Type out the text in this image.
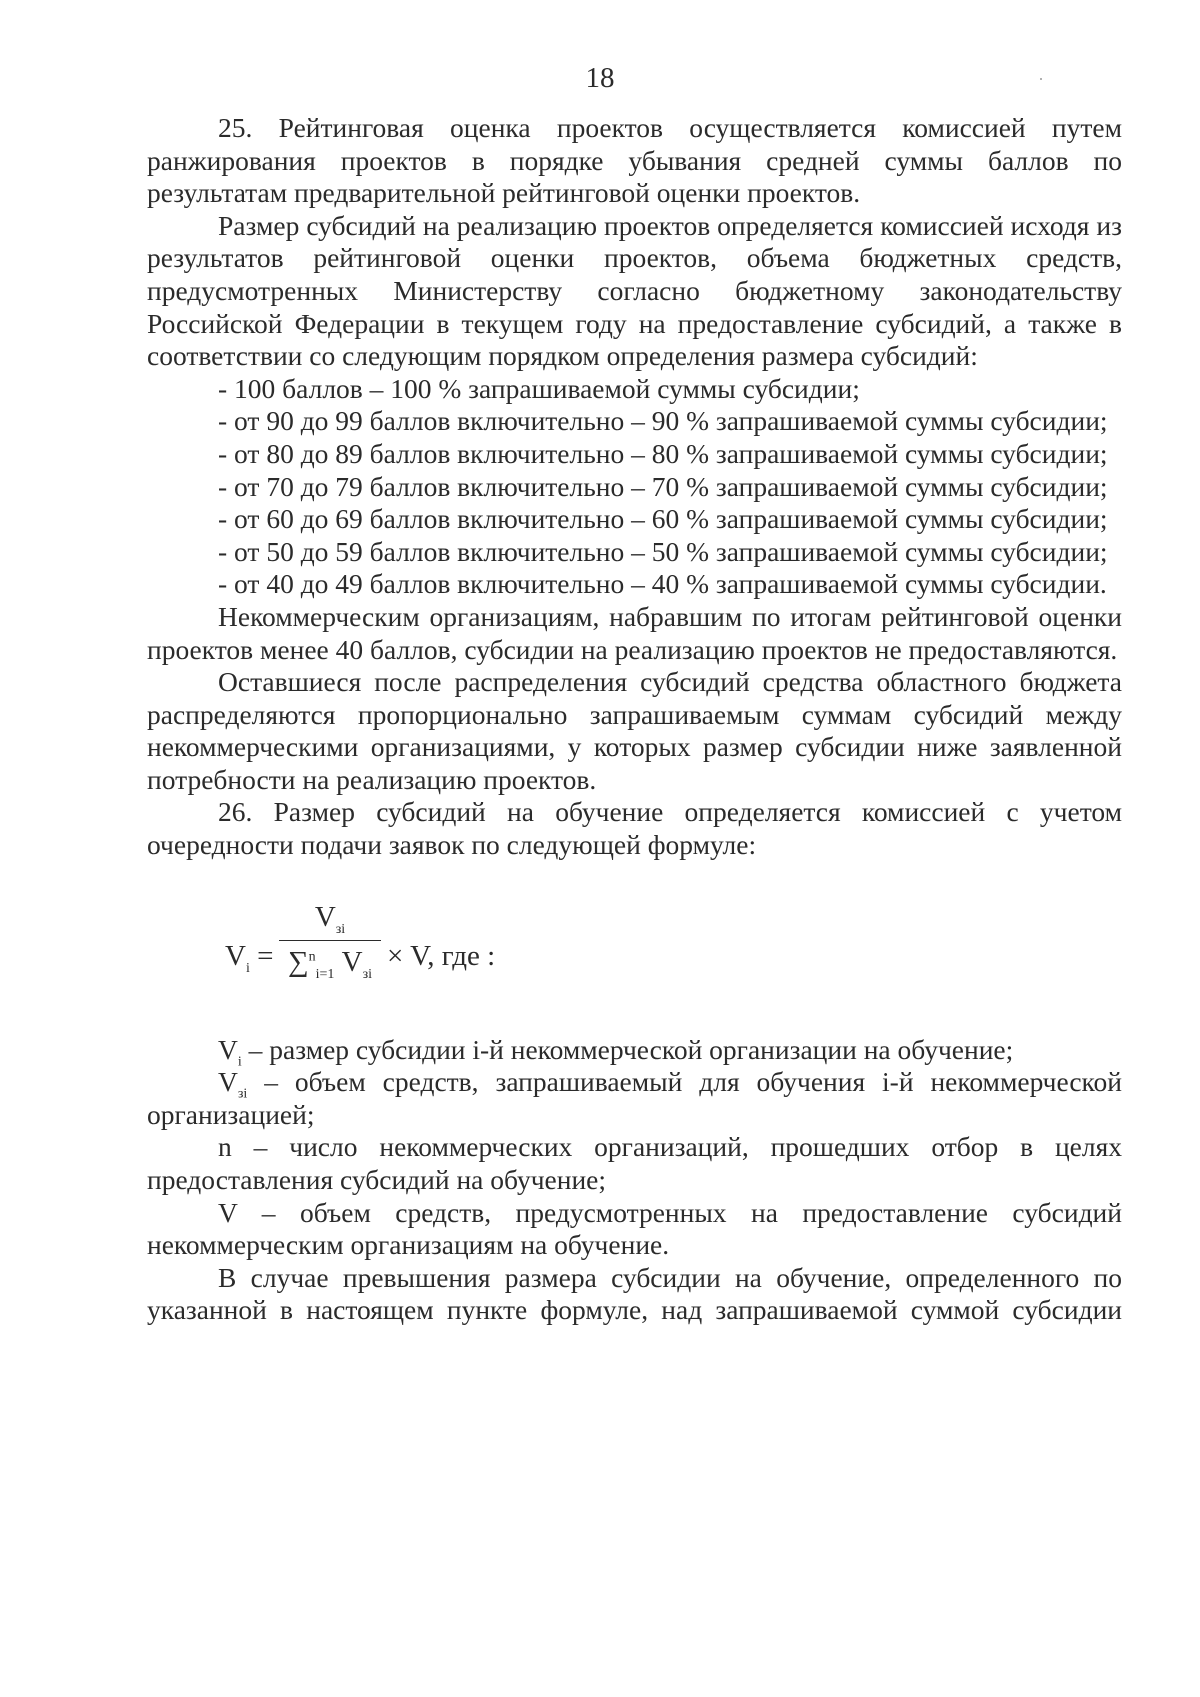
18

25. Рейтинговая оценка проектов осуществляется комиссией путем ранжирования проектов в порядке убывания средней суммы баллов по результатам предварительной рейтинговой оценки проектов.

Размер субсидий на реализацию проектов определяется комиссией исходя из результатов рейтинговой оценки проектов, объема бюджетных средств, предусмотренных Министерству согласно бюджетному законодательству Российской Федерации в текущем году на предоставление субсидий, а также в соответствии со следующим порядком определения размера субсидий:

- 100 баллов – 100 % запрашиваемой суммы субсидии;

- от 90 до 99 баллов включительно – 90 % запрашиваемой суммы субсидии;

- от 80 до 89 баллов включительно – 80 % запрашиваемой суммы субсидии;

- от 70 до 79 баллов включительно – 70 % запрашиваемой суммы субсидии;

- от 60 до 69 баллов включительно – 60 % запрашиваемой суммы субсидии;

- от 50 до 59 баллов включительно – 50 % запрашиваемой суммы субсидии;

- от 40 до 49 баллов включительно – 40 % запрашиваемой суммы субсидии.

Некоммерческим организациям, набравшим по итогам рейтинговой оценки проектов менее 40 баллов, субсидии на реализацию проектов не предоставляются.

Оставшиеся после распределения субсидий средства областного бюджета распределяются пропорционально запрашиваемым суммам субсидий между некоммерческими организациями, у которых размер субсидии ниже заявленной потребности на реализацию проектов.

26. Размер субсидий на обучение определяется комиссией с учетом очередности подачи заявок по следующей формуле:

$V_i$ =
$V_{зi}$
∑$^n_{i=1}$ $V_{зi}$
× V, где :

$V_i$ – размер субсидии i-й некоммерческой организации на обучение;

$V_{зi}$ – объем средств, запрашиваемый для обучения i-й некоммерческой организацией;

n – число некоммерческих организаций, прошедших отбор в целях предоставления субсидий на обучение;

V – объем средств, предусмотренных на предоставление субсидий некоммерческим организациям на обучение.

В случае превышения размера субсидии на обучение, определенного по указанной в настоящем пункте формуле, над запрашиваемой суммой субсидии
